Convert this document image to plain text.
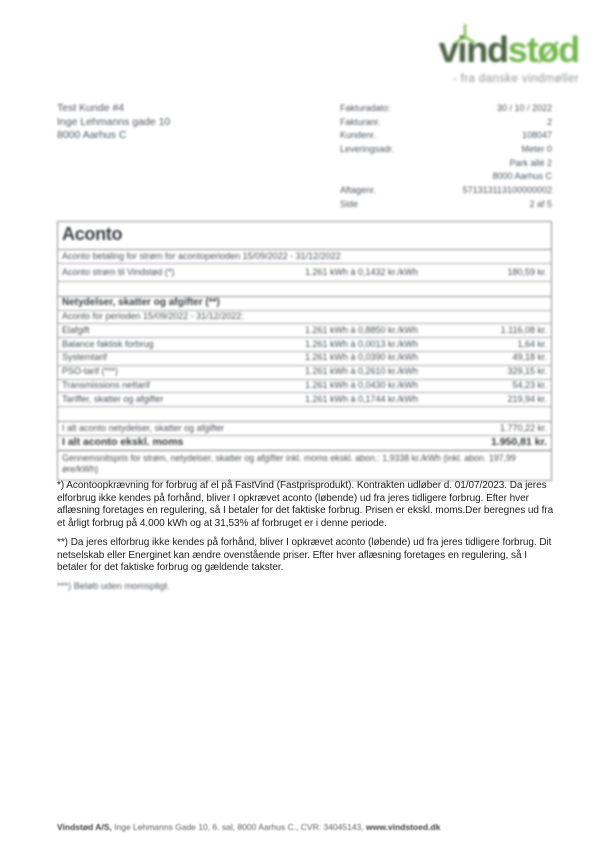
vindstød
- fra danske vindmøller
Test Kunde #4
Inge Lehmanns gade 10
8000 Aarhus C
Fakturadato:	30 / 10 / 2022
Fakturanr.	2
Kundenr.	108047
Leveringsadr.	Meter 0
Park allé 2
8000 Aarhus C
Aftagenr.	571313113100000002
Side	2 af 5
Aconto
Aconto betaling for strøm for acontoperioden 15/09/2022 - 31/12/2022
Aconto strøm til Vindstød (*)	1.261 kWh à 0,1432 kr./kWh	180,59 kr.
Netydelser, skatter og afgifter (**)
Aconto for perioden 15/09/2022 - 31/12/2022:
Elafgift	1.261 kWh à 0,8850 kr./kWh	1.116,08 kr.
Balance faktisk forbrug	1.261 kWh à 0,0013 kr./kWh	1,64 kr.
Systemtarif	1.261 kWh à 0,0390 kr./kWh	49,18 kr.
PSO-tarif (***)	1.261 kWh à 0,2610 kr./kWh	329,15 kr.
Transmissions nettarif	1.261 kWh à 0,0430 kr./kWh	54,23 kr.
Tariffer, skatter og afgifter	1.261 kWh à 0,1744 kr./kWh	219,94 kr.
I alt aconto netydelser, skatter og afgifter	1.770,22 kr.
I alt aconto ekskl. moms	1.950,81 kr.
Gennemsnitspris for strøm, netydelser, skatter og afgifter inkl. moms ekskl. abon.: 1,9338 kr./kWh (inkl. abon. 197,99 øre/kWh)

*) Acontoopkrævning for forbrug af el på FastVind (Fastprisprodukt). Kontrakten udløber d. 01/07/2023. Da jeres elforbrug ikke kendes på forhånd, bliver I opkrævet aconto (løbende) ud fra jeres tidligere forbrug. Efter hver aflæsning foretages en regulering, så I betaler for det faktiske forbrug. Prisen er ekskl. moms.Der beregnes ud fra et årligt forbrug på 4.000 kWh og at 31,53% af forbruget er i denne periode.

**) Da jeres elforbrug ikke kendes på forhånd, bliver I opkrævet aconto (løbende) ud fra jeres tidligere forbrug. Dit netselskab eller Energinet kan ændre ovenstående priser. Efter hver aflæsning foretages en regulering, så I betaler for det faktiske forbrug og gældende takster.

***) Beløb uden momspligt.

Vindstød A/S, Inge Lehmanns Gade 10, 6. sal, 8000 Aarhus C., CVR: 34045143, www.vindstoed.dk
